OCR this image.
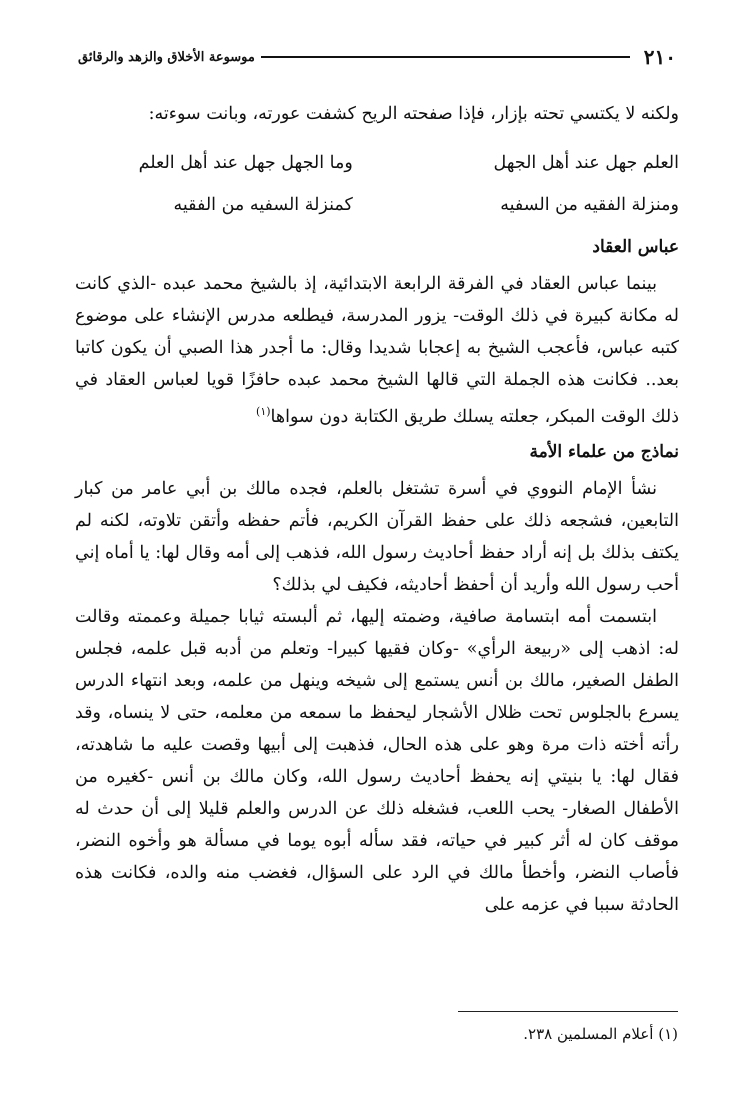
٢١٠
موسوعة الأخلاق والزهد والرقائق

ولكنه لا يكتسي تحته بإزار، فإذا صفحته الريح كشفت عورته، وبانت سوءته:

العلم جهل عند أهل الجهل
وما الجهل جهل عند أهل العلم
ومنزلة الفقيه من السفيه
كمنزلة السفيه من الفقيه
عباس العقاد

بينما عباس العقاد في الفرقة الرابعة الابتدائية، إذ بالشيخ محمد عبده -الذي كانت له مكانة كبيرة في ذلك الوقت- يزور المدرسة، فيطلعه مدرس الإنشاء على موضوع كتبه عباس، فأعجب الشيخ به إعجابا شديدا وقال: ما أجدر هذا الصبي أن يكون كاتبا بعد.. فكانت هذه الجملة التي قالها الشيخ محمد عبده حافزًا قويا لعباس العقاد في ذلك الوقت المبكر، جعلته يسلك طريق الكتابة دون سواها$^{(١)}$

نماذج من علماء الأمة

نشأ الإمام النووي في أسرة تشتغل بالعلم، فجده مالك بن أبي عامر من كبار التابعين، فشجعه ذلك على حفظ القرآن الكريم، فأتم حفظه وأتقن تلاوته، لكنه لم يكتف بذلك بل إنه أراد حفظ أحاديث رسول الله، فذهب إلى أمه وقال لها: يا أماه إني أحب رسول الله وأريد أن أحفظ أحاديثه، فكيف لي بذلك؟

ابتسمت أمه ابتسامة صافية، وضمته إليها، ثم ألبسته ثيابا جميلة وعممته وقالت له: اذهب إلى «ربيعة الرأي» -وكان فقيها كبيرا- وتعلم من أدبه قبل علمه، فجلس الطفل الصغير، مالك بن أنس يستمع إلى شيخه وينهل من علمه، وبعد انتهاء الدرس يسرع بالجلوس تحت ظلال الأشجار ليحفظ ما سمعه من معلمه، حتى لا ينساه، وقد رأته أخته ذات مرة وهو على هذه الحال، فذهبت إلى أبيها وقصت عليه ما شاهدته، فقال لها: يا بنيتي إنه يحفظ أحاديث رسول الله، وكان مالك بن أنس -كغيره من الأطفال الصغار- يحب اللعب، فشغله ذلك عن الدرس والعلم قليلا إلى أن حدث له موقف كان له أثر كبير في حياته، فقد سأله أبوه يوما في مسألة هو وأخوه النضر، فأصاب النضر، وأخطأ مالك في الرد على السؤال، فغضب منه والده، فكانت هذه الحادثة سببا في عزمه على

(١) أعلام المسلمين ٢٣٨.
